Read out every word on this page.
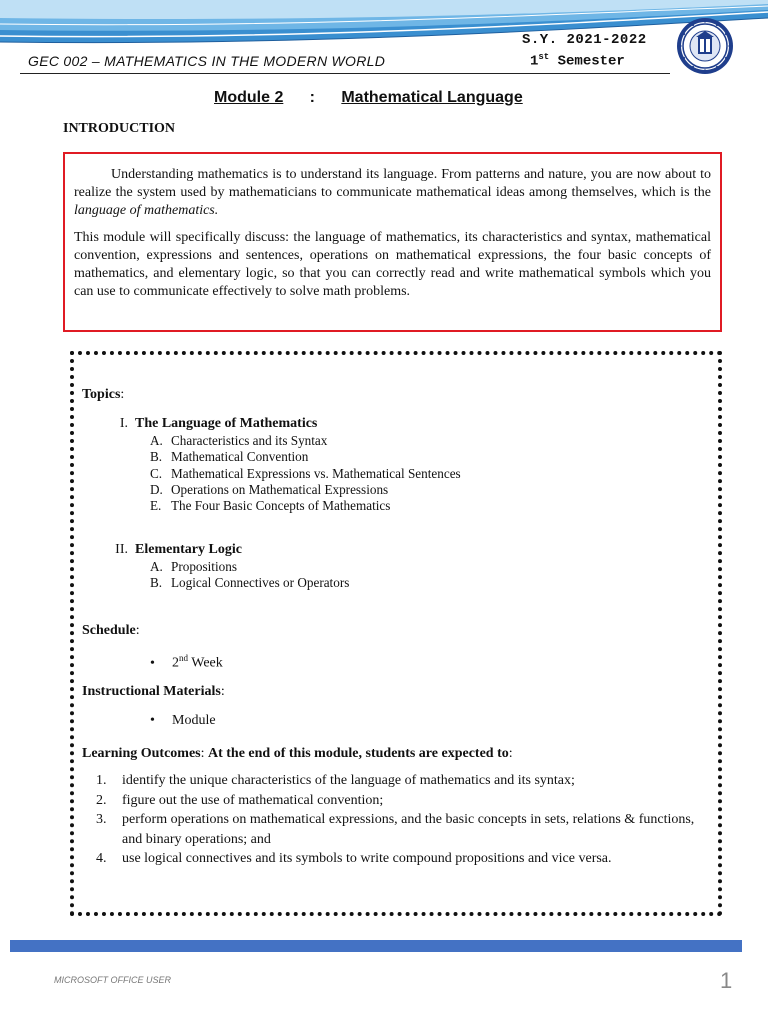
GEC 002 – MATHEMATICS IN THE MODERN WORLD
S.Y. 2021-2022
1st Semester
Module 2 : Mathematical Language
INTRODUCTION

Understanding mathematics is to understand its language. From patterns and nature, you are now about to realize the system used by mathematicians to communicate mathematical ideas among themselves, which is the language of mathematics.

This module will specifically discuss: the language of mathematics, its characteristics and syntax, mathematical convention, expressions and sentences, operations on mathematical expressions, the four basic concepts of mathematics, and elementary logic, so that you can correctly read and write mathematical symbols which you can use to communicate effectively to solve math problems.

Topics:
I. The Language of Mathematics
A. Characteristics and its Syntax
B. Mathematical Convention
C. Mathematical Expressions vs. Mathematical Sentences
D. Operations on Mathematical Expressions
E. The Four Basic Concepts of Mathematics
II. Elementary Logic
A. Propositions
B. Logical Connectives or Operators
Schedule:
• 2nd Week
Instructional Materials:
• Module
Learning Outcomes: At the end of this module, students are expected to:
1. identify the unique characteristics of the language of mathematics and its syntax;
2. figure out the use of mathematical convention;
3. perform operations on mathematical expressions, and the basic concepts in sets, relations & functions, and binary operations; and
4. use logical connectives and its symbols to write compound propositions and vice versa.
MICROSOFT OFFICE USER	1
